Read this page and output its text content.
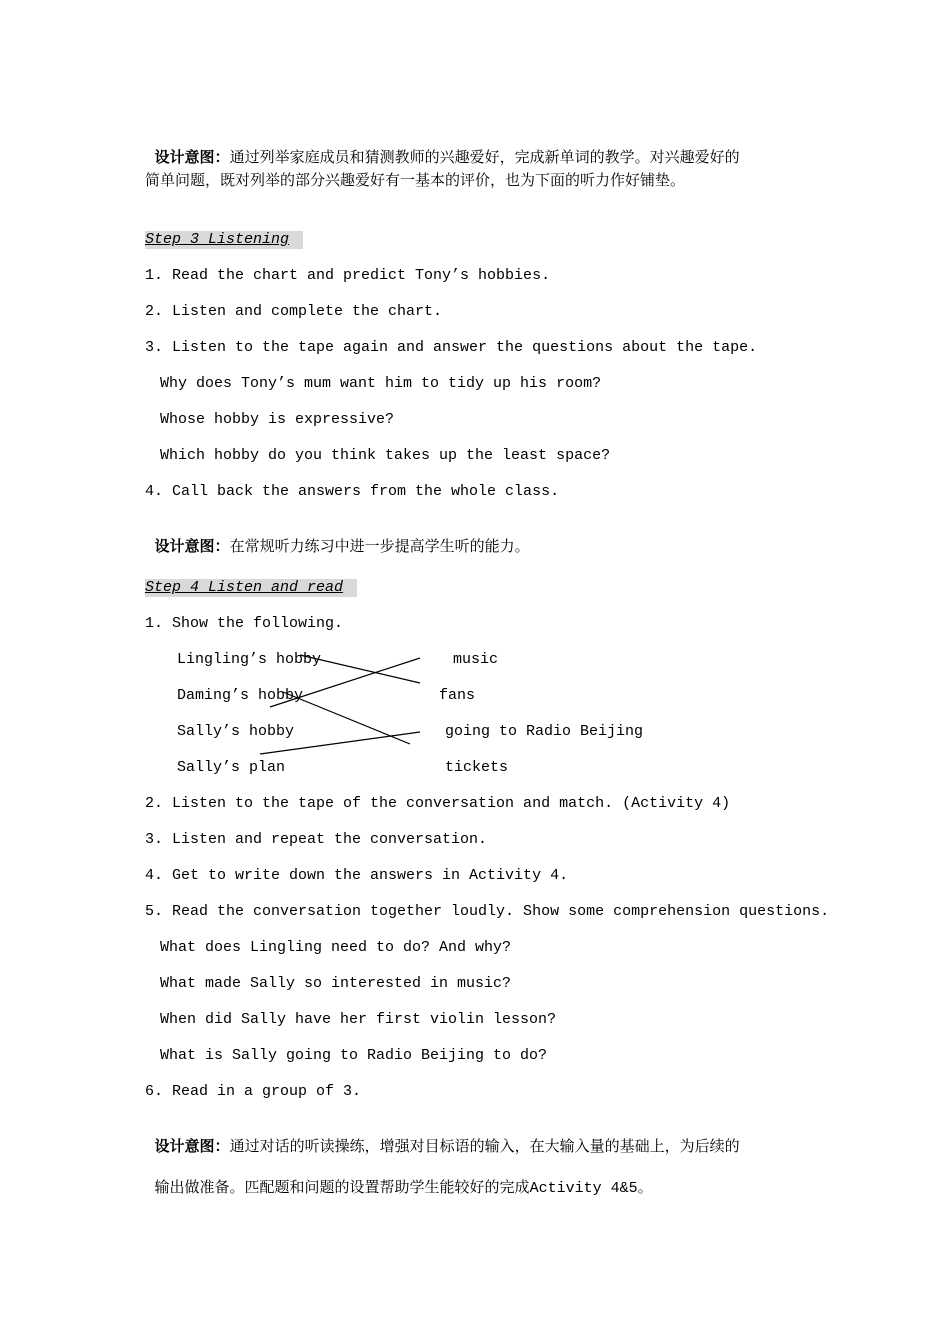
设计意图：通过列举家庭成员和猜测教师的兴趣爱好，完成新单词的教学。对兴趣爱好的

简单问题，既对列举的部分兴趣爱好有一基本的评价，也为下面的听力作好铺垫。
Step 3 Listening
1. Read the chart and predict Tony’s hobbies.
2. Listen and complete the chart.
3. Listen to the tape again and answer the questions about the tape.
Why does Tony’s mum want him to tidy up his room?
Whose hobby is expressive?
Which hobby do you think takes up the least space?
4. Call back the answers from the whole class.

设计意图：在常规听力练习中进一步提高学生听的能力。

Step 4 Listen and read
1. Show the following.
Lingling’s hobby
Daming’s hobby
Sally’s hobby
Sally’s plan
music
fans
going to Radio Beijing
tickets
2. Listen to the tape of the conversation and match. (Activity 4)
3. Listen and repeat the conversation.
4. Get to write down the answers in Activity 4.
5. Read the conversation together loudly. Show some comprehension questions.
What does Lingling need to do? And why?
What made Sally so interested in music?
When did Sally have her first violin lesson?
What is Sally going to Radio Beijing to do?
6. Read in a group of 3.

设计意图：通过对话的听读操练，增强对目标语的输入，在大输入量的基础上，为后续的

输出做准备。匹配题和问题的设置帮助学生能较好的完成Activity 4&5。
